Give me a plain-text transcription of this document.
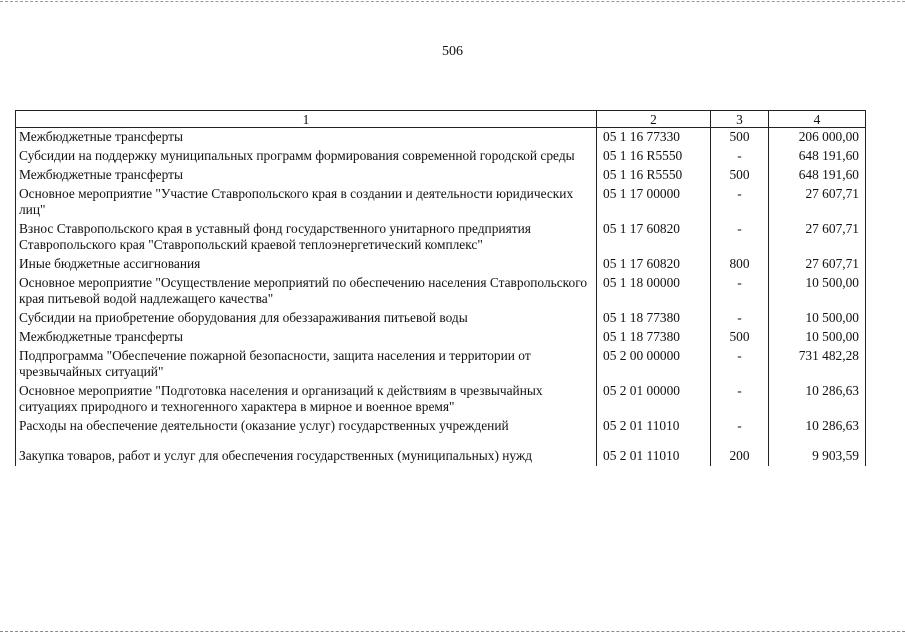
506
1	2	3	4
Межбюджетные трансферты	05 1 16 77330	500	206 000,00
Субсидии на поддержку муниципальных программ формирования современной городской среды	05 1 16 R5550	-	648 191,60
Межбюджетные трансферты	05 1 16 R5550	500	648 191,60
Основное мероприятие "Участие Ставропольского края в создании и деятельности юридических лиц"	05 1 17 00000	-	27 607,71
Взнос Ставропольского края в уставный фонд государственного унитарного предприятия Ставропольского края "Ставропольский краевой теплоэнергетический комплекс"	05 1 17 60820	-	27 607,71
Иные бюджетные ассигнования	05 1 17 60820	800	27 607,71
Основное мероприятие "Осуществление мероприятий по обеспечению населения Ставропольского края питьевой водой надлежащего качества"	05 1 18 00000	-	10 500,00
Субсидии на приобретение оборудования для обеззараживания питьевой воды	05 1 18 77380	-	10 500,00
Межбюджетные трансферты	05 1 18 77380	500	10 500,00
Подпрограмма "Обеспечение пожарной безопасности, защита населения и территории от чрезвычайных ситуаций"	05 2 00 00000	-	731 482,28
Основное мероприятие "Подготовка населения и организаций к действиям в чрезвычайных ситуациях природного и техногенного характера в мирное и военное время"	05 2 01 00000	-	10 286,63
Расходы на обеспечение деятельности (оказание услуг) государственных учреждений	05 2 01 11010	-	10 286,63
Закупка товаров, работ и услуг для обеспечения государственных (муниципальных) нужд	05 2 01 11010	200	9 903,59
